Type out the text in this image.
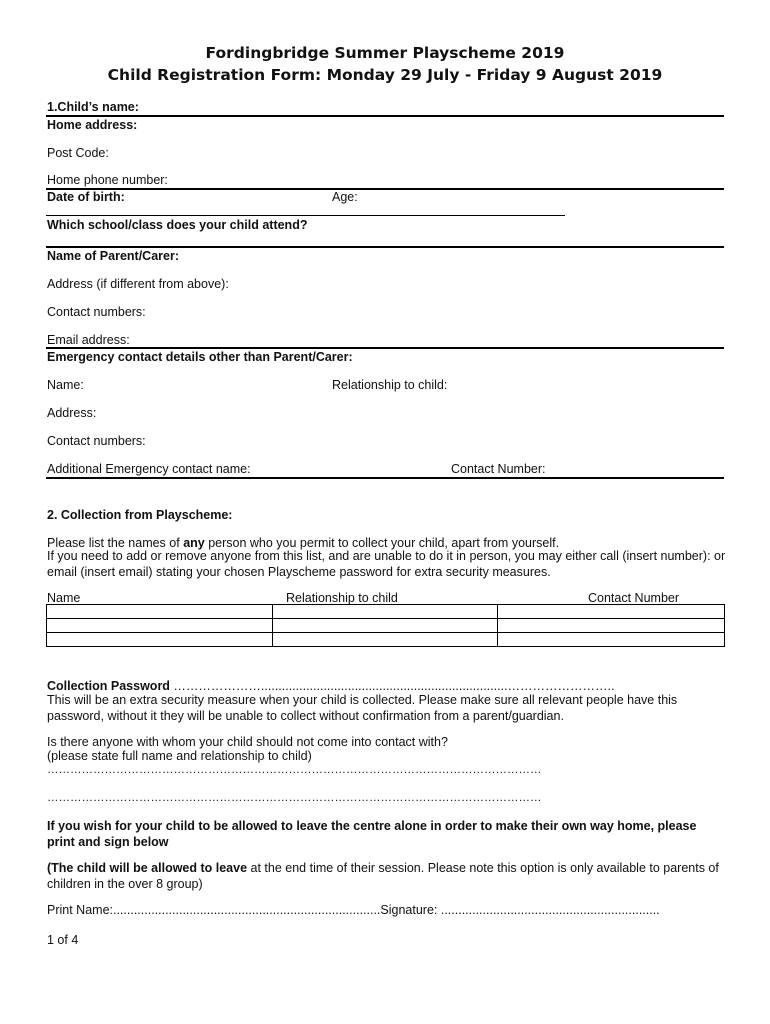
Fordingbridge Summer Playscheme 2019
Child Registration Form: Monday 29 July - Friday 9 August 2019
1.Child’s name:
Home address:
Post Code:
Home phone number:
Date of birth:	Age:
Which school/class does your child attend?
Name of Parent/Carer:
Address (if different from above):
Contact numbers:
Email address:
Emergency contact details other than Parent/Carer:
Name:	Relationship to child:
Address:
Contact numbers:
Additional Emergency contact name:	Contact Number:
2. Collection from Playscheme:
Please list the names of any person who you permit to collect your child, apart from yourself.
If you need to add or remove anyone from this list, and are unable to do it in person, you may either call (insert number): or email (insert email) stating your chosen Playscheme password for extra security measures.
Name	Relationship to child	Contact Number

Collection Password ………………….......................................................................……………………..
This will be an extra security measure when your child is collected. Please make sure all relevant people have this password, without it they will be unable to collect without confirmation from a parent/guardian.
Is there anyone with whom your child should not come into contact with?
(please state full name and relationship to child)
…………………………………………………………………………………………………………………
…………………………………………………………………………………………………………………
If you wish for your child to be allowed to leave the centre alone in order to make their own way home, please print and sign below
(The child will be allowed to leave at the end time of their session. Please note this option is only available to parents of children in the over 8 group)
Print Name:.............................................................................Signature: ...............................................................
1 of 4
